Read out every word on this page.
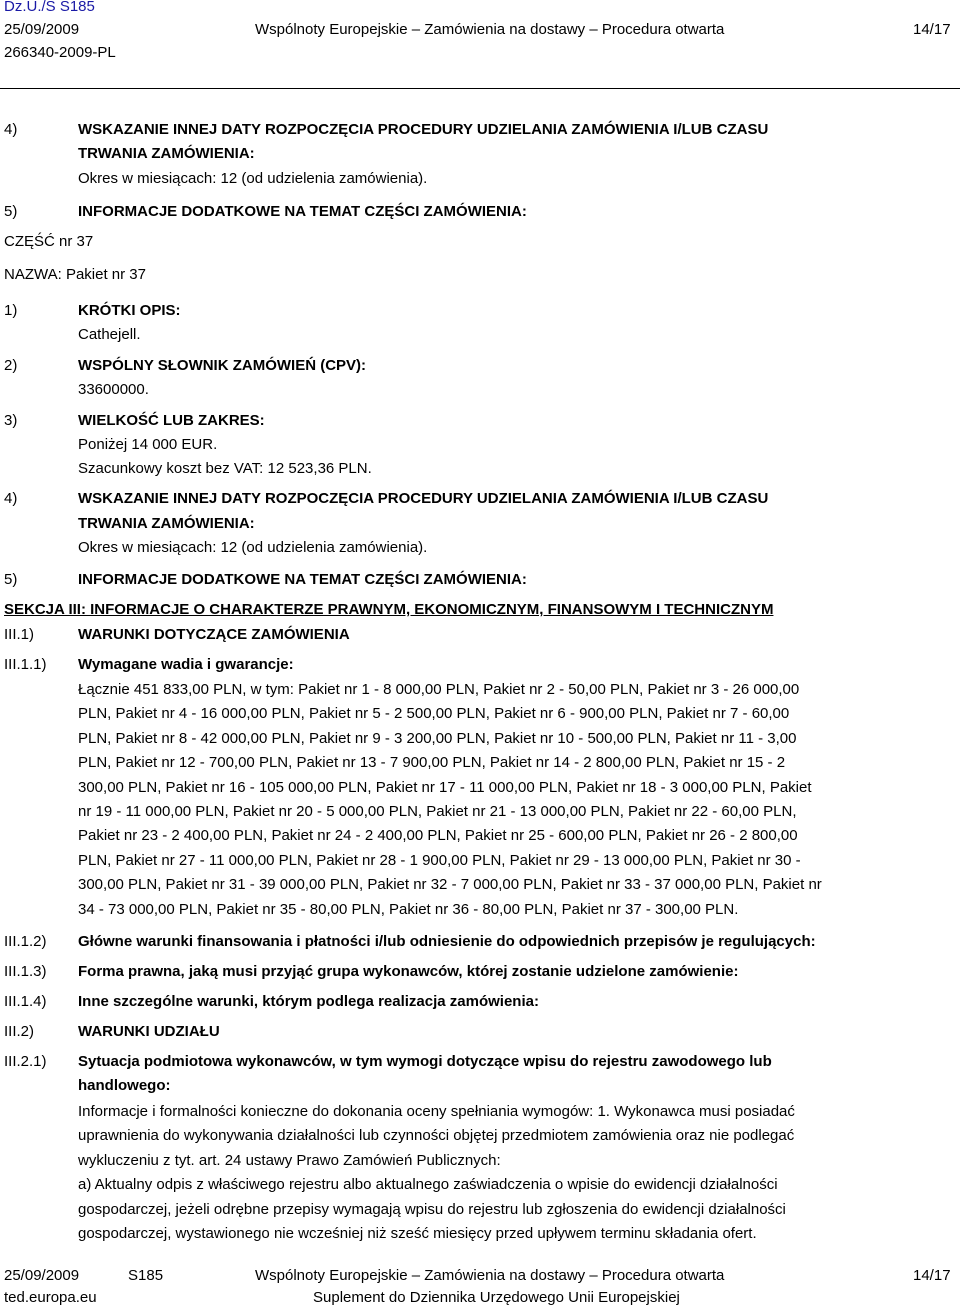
Dz.U./S S185
25/09/2009	Wspólnoty Europejskie – Zamówienia na dostawy – Procedura otwarta	14/17
266340-2009-PL
4)	WSKAZANIE INNEJ DATY ROZPOCZĘCIA PROCEDURY UDZIELANIA ZAMÓWIENIA I/LUB CZASU
TRWANIA ZAMÓWIENIA:
Okres w miesiącach: 12 (od udzielenia zamówienia).
5)	INFORMACJE DODATKOWE NA TEMAT CZĘŚCI ZAMÓWIENIA:
CZĘŚĆ nr 37
NAZWA: Pakiet nr 37
1)	KRÓTKI OPIS:
Cathejell.
2)	WSPÓLNY SŁOWNIK ZAMÓWIEŃ (CPV):
33600000.
3)	WIELKOŚĆ LUB ZAKRES:
Poniżej 14 000 EUR.
Szacunkowy koszt bez VAT: 12 523,36 PLN.
4)	WSKAZANIE INNEJ DATY ROZPOCZĘCIA PROCEDURY UDZIELANIA ZAMÓWIENIA I/LUB CZASU
TRWANIA ZAMÓWIENIA:
Okres w miesiącach: 12 (od udzielenia zamówienia).
5)	INFORMACJE DODATKOWE NA TEMAT CZĘŚCI ZAMÓWIENIA:
SEKCJA III: INFORMACJE O CHARAKTERZE PRAWNYM, EKONOMICZNYM, FINANSOWYM I TECHNICZNYM
III.1)	WARUNKI DOTYCZĄCE ZAMÓWIENIA
III.1.1) Wymagane wadia i gwarancje:
Łącznie 451 833,00 PLN, w tym: Pakiet nr 1 - 8 000,00 PLN, Pakiet nr 2 - 50,00 PLN, Pakiet nr 3 - 26 000,00
PLN, Pakiet nr 4 - 16 000,00 PLN, Pakiet nr 5 - 2 500,00 PLN, Pakiet nr 6 - 900,00 PLN, Pakiet nr 7 - 60,00
PLN, Pakiet nr 8 - 42 000,00 PLN, Pakiet nr 9 - 3 200,00 PLN, Pakiet nr 10 - 500,00 PLN, Pakiet nr 11 - 3,00
PLN, Pakiet nr 12 - 700,00 PLN, Pakiet nr 13 - 7 900,00 PLN, Pakiet nr 14 - 2 800,00 PLN, Pakiet nr 15 - 2
300,00 PLN, Pakiet nr 16 - 105 000,00 PLN, Pakiet nr 17 - 11 000,00 PLN, Pakiet nr 18 - 3 000,00 PLN, Pakiet
nr 19 - 11 000,00 PLN, Pakiet nr 20 - 5 000,00 PLN, Pakiet nr 21 - 13 000,00 PLN, Pakiet nr 22 - 60,00 PLN,
Pakiet nr 23 - 2 400,00 PLN, Pakiet nr 24 - 2 400,00 PLN, Pakiet nr 25 - 600,00 PLN, Pakiet nr 26 - 2 800,00
PLN, Pakiet nr 27 - 11 000,00 PLN, Pakiet nr 28 - 1 900,00 PLN, Pakiet nr 29 - 13 000,00 PLN, Pakiet nr 30 -
300,00 PLN, Pakiet nr 31 - 39 000,00 PLN, Pakiet nr 32 - 7 000,00 PLN, Pakiet nr 33 - 37 000,00 PLN, Pakiet nr
34 - 73 000,00 PLN, Pakiet nr 35 - 80,00 PLN, Pakiet nr 36 - 80,00 PLN, Pakiet nr 37 - 300,00 PLN.
III.1.2) Główne warunki finansowania i płatności i/lub odniesienie do odpowiednich przepisów je regulujących:
III.1.3) Forma prawna, jaką musi przyjąć grupa wykonawców, której zostanie udzielone zamówienie:
III.1.4) Inne szczególne warunki, którym podlega realizacja zamówienia:
III.2)	WARUNKI UDZIAŁU
III.2.1) Sytuacja podmiotowa wykonawców, w tym wymogi dotyczące wpisu do rejestru zawodowego lub
handlowego:
Informacje i formalności konieczne do dokonania oceny spełniania wymogów: 1. Wykonawca musi posiadać
uprawnienia do wykonywania działalności lub czynności objętej przedmiotem zamówienia oraz nie podlegać
wykluczeniu z tyt. art. 24 ustawy Prawo Zamówień Publicznych:
a) Aktualny odpis z właściwego rejestru albo aktualnego zaświadczenia o wpisie do ewidencji działalności
gospodarczej, jeżeli odrębne przepisy wymagają wpisu do rejestru lub zgłoszenia do ewidencji działalności
gospodarczej, wystawionego nie wcześniej niż sześć miesięcy przed upływem terminu składania ofert.
25/09/2009	S185	Wspólnoty Europejskie – Zamówienia na dostawy – Procedura otwarta	14/17
ted.europa.eu	Suplement do Dziennika Urzędowego Unii Europejskiej
